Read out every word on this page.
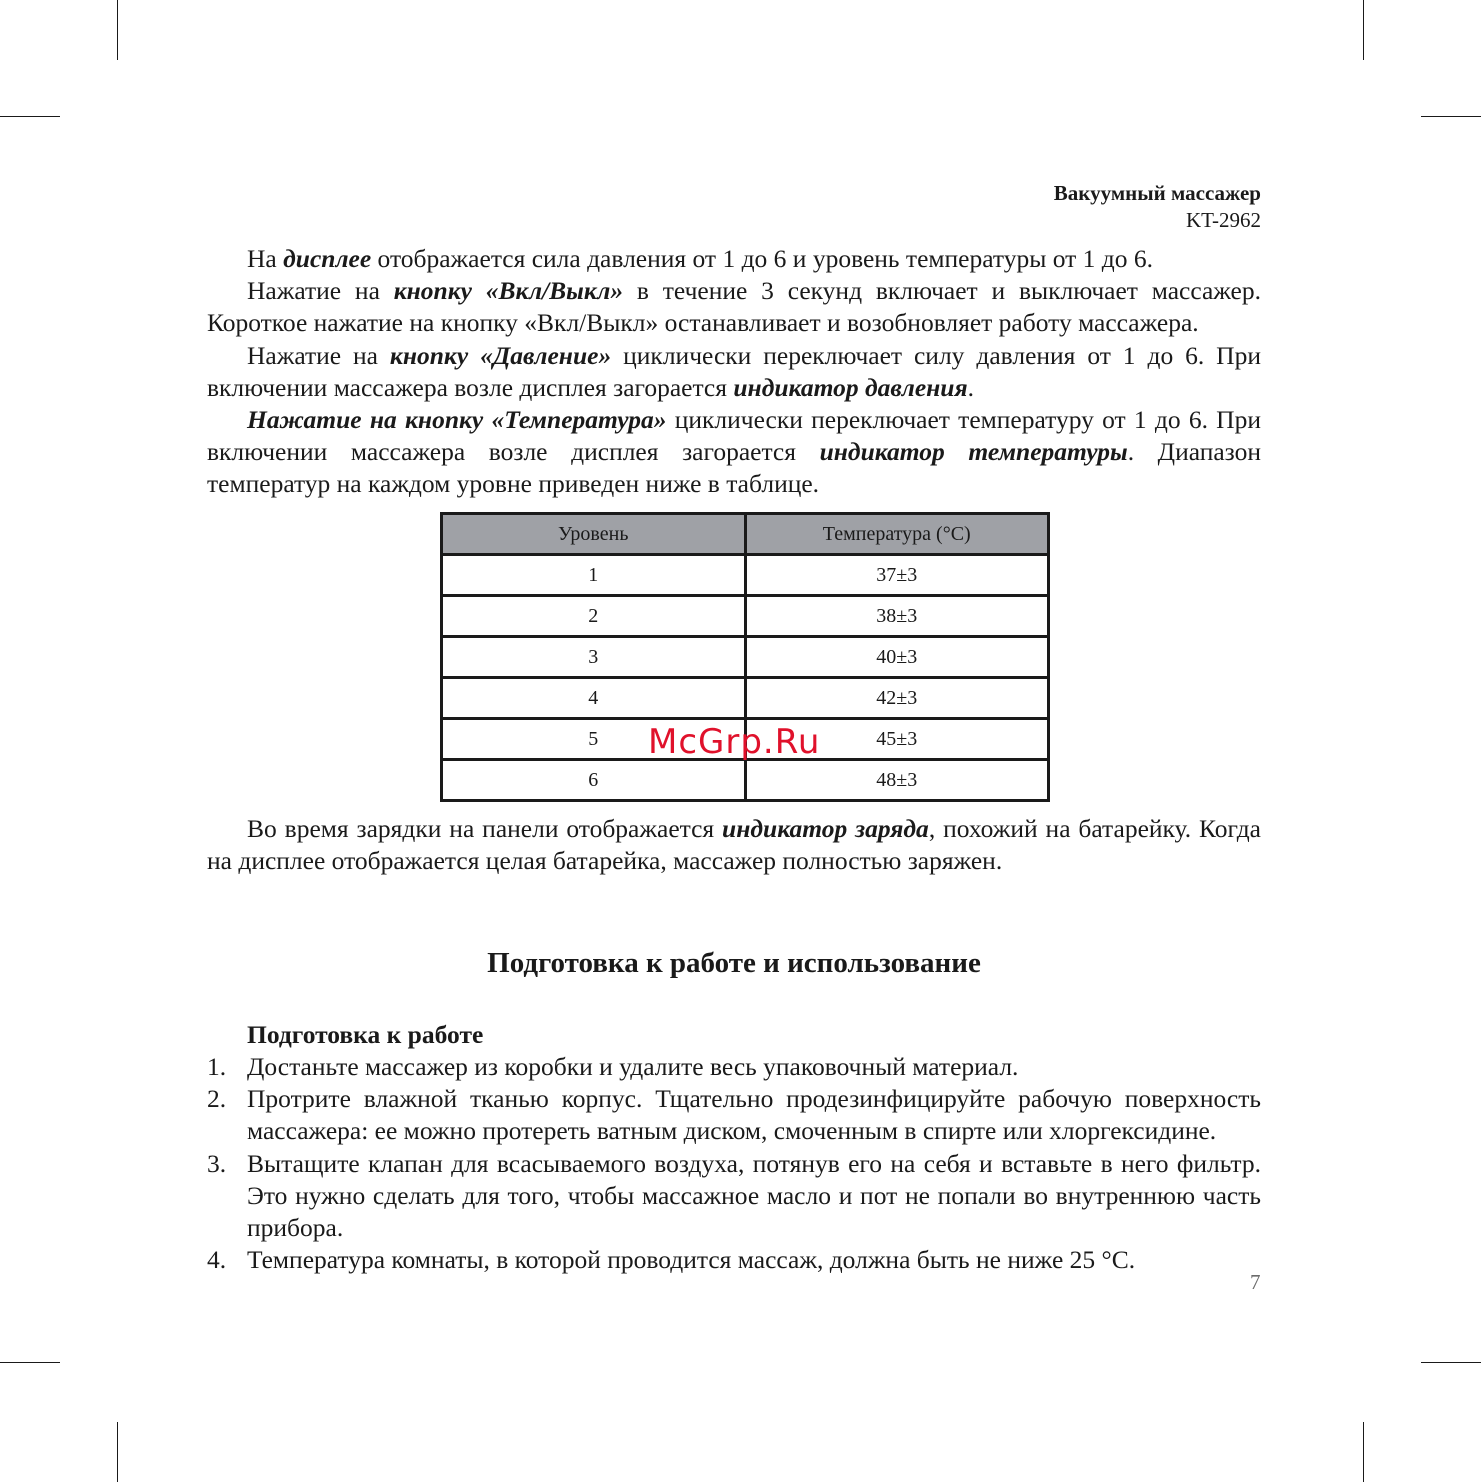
Вакуумный массажер
KT-2962

На дисплее отображается сила давления от 1 до 6 и уровень температуры от 1 до 6.

Нажатие на кнопку «Вкл/Выкл» в течение 3 секунд включает и выключает массажер. Короткое нажатие на кнопку «Вкл/Выкл» останавливает и возобновляет работу массажера.

Нажатие на кнопку «Давление» циклически переключает силу давления от 1 до 6. При включении массажера возле дисплея загорается индикатор давления.

Нажатие на кнопку «Температура» циклически переключает температуру от 1 до 6. При включении массажера возле дисплея загорается индикатор температуры. Диапазон температур на каждом уровне приведен ниже в таблице.

Уровень	Температура (°С)
1	37±3
2	38±3
3	40±3
4	42±3
5	45±3
6	48±3

Во время зарядки на панели отображается индикатор заряда, похожий на батарейку. Когда на дисплее отображается целая батарейка, массажер полностью заряжен.

Подготовка к работе и использование
Подготовка к работе
1. Достаньте массажер из коробки и удалите весь упаковочный материал.
2. Протрите влажной тканью корпус. Тщательно продезинфицируйте рабочую поверхность массажера: ее можно протереть ватным диском, смоченным в спирте или хлоргексидине.
3. Вытащите клапан для всасываемого воздуха, потянув его на себя и вставьте в него фильтр. Это нужно сделать для того, чтобы массажное масло и пот не попали во внутреннюю часть прибора.
4. Температура комнаты, в которой проводится массаж, должна быть не ниже 25 °C.
McGrp.Ru
7
